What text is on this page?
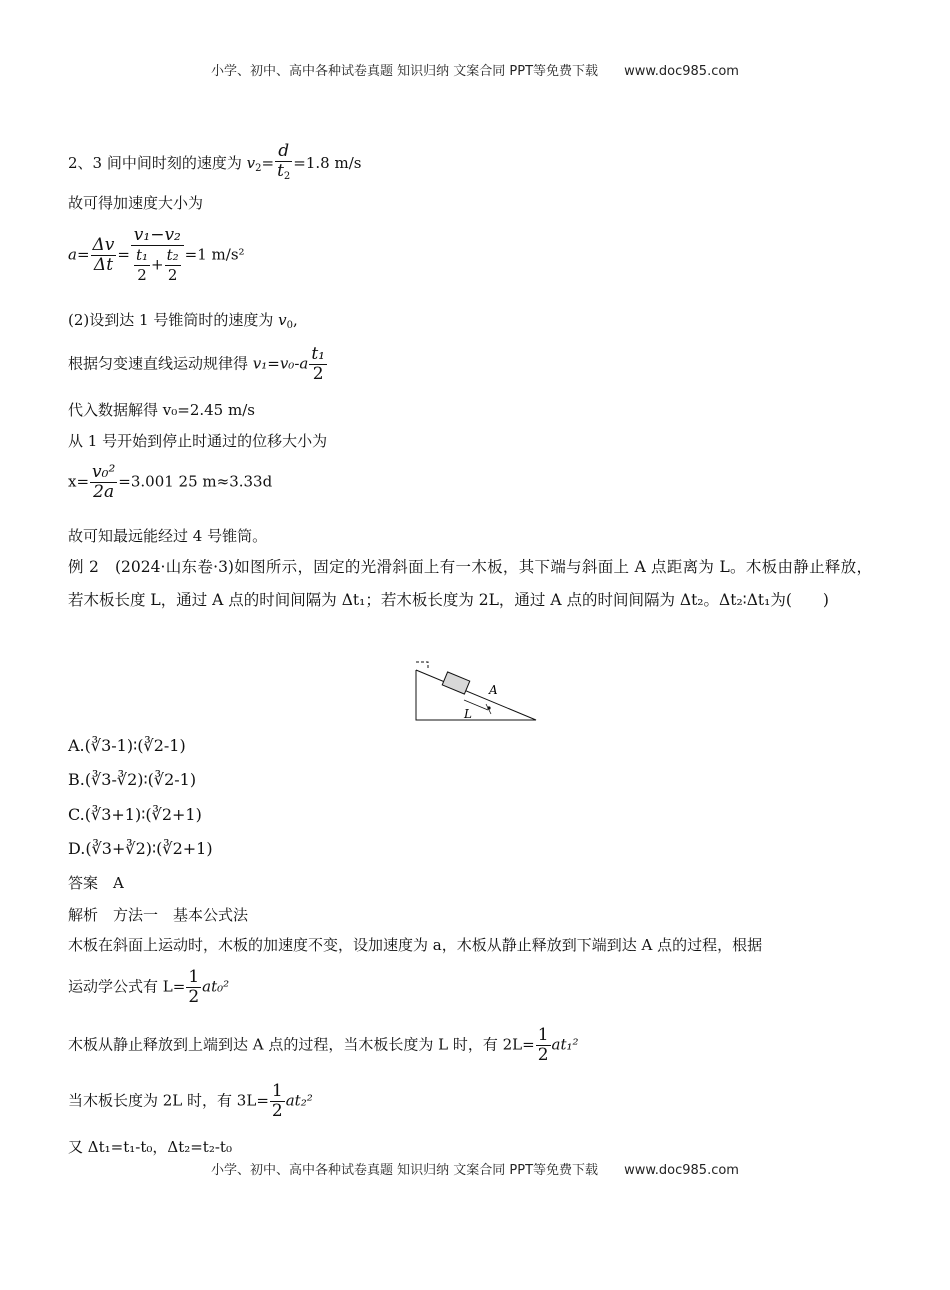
小学、初中、高中各种试卷真题 知识归纳 文案合同 PPT等免费下载 www.doc985.com
2、3 间中间时刻的速度为 $v_2= \frac{d}{t_2} =1.8$ m/s
故可得加速度大小为
$a= \frac{\Delta v}{\Delta t} = \frac{\text{v₁−v₂}}{\frac{\text{t₁}}{2} + \frac{\text{t₂}}{2}} =1$ m/s²
(2)设到达 1 号锥筒时的速度为 $v_0$,
根据匀变速直线运动规律得 $v_1=v_0-a \frac{\text{t₁}}{2}$
代入数据解得 v₀=2.45 m/s
从 1 号开始到停止时通过的位移大小为
$x= \frac{\text{v₀²}}{2a} =3.001$ 25 m≈3.33d
故可知最远能经过 4 号锥筒。
例 2　(2024·山东卷·3)如图所示，固定的光滑斜面上有一木板，其下端与斜面上 A 点距离为 L。木板由静止释放，若木板长度 L，通过 A 点的时间间隔为 Δt₁；若木板长度为 2L，通过 A 点的时间间隔为 Δt₂。Δt₂∶Δt₁为(　　)
A
L
A.(∛3-1)∶(∛2-1)
B.(∛3-∛2)∶(∛2-1)
C.(∛3+1)∶(∛2+1)
D.(∛3+∛2)∶(∛2+1)
答案　A
解析　方法一　基本公式法
木板在斜面上运动时，木板的加速度不变，设加速度为 a，木板从静止释放到下端到达 A 点的过程，根据
运动学公式有 $L= \frac{1}{2} at_0^2$
木板从静止释放到上端到达 A 点的过程，当木板长度为 L 时，有 $2L= \frac{1}{2} at_1^2$
当木板长度为 2L 时，有 $3L= \frac{1}{2} at_2^2$
又 Δt₁=t₁-t₀，Δt₂=t₂-t₀
小学、初中、高中各种试卷真题 知识归纳 文案合同 PPT等免费下载 www.doc985.com
